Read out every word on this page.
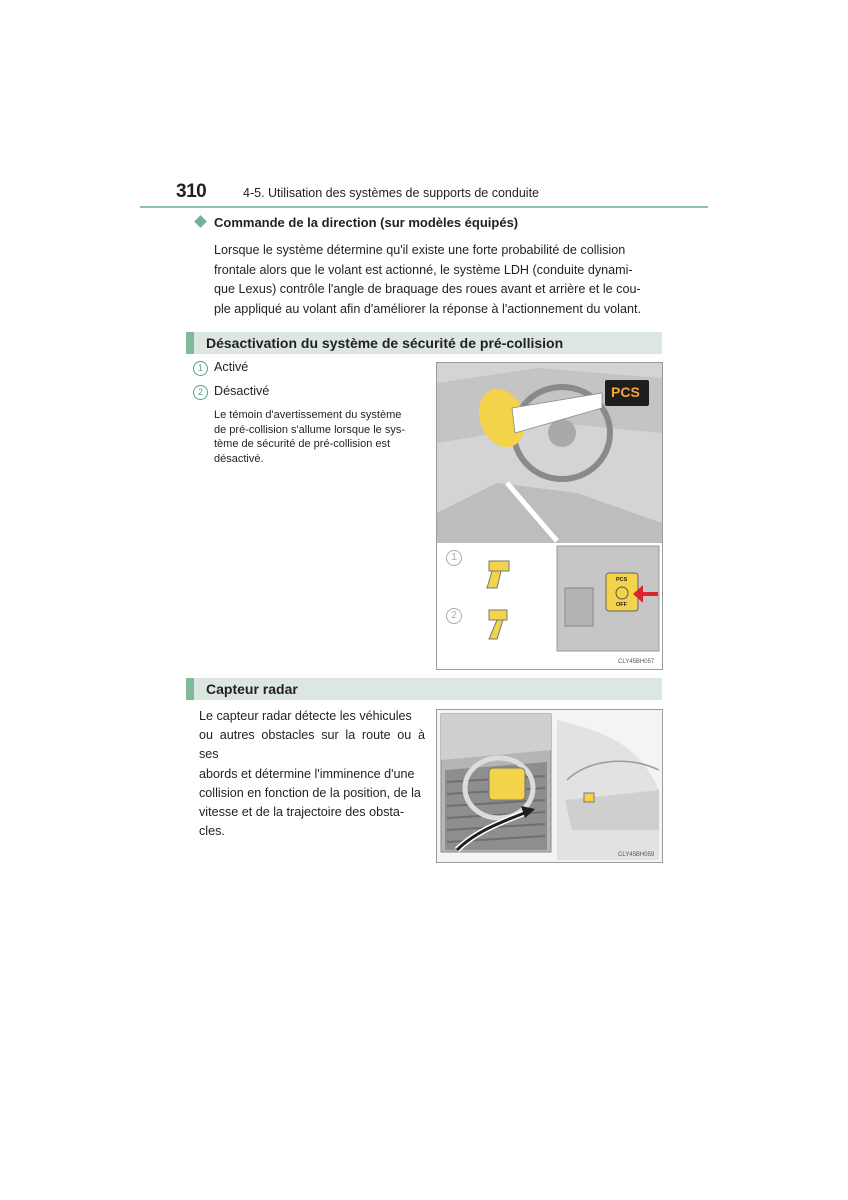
310	4-5. Utilisation des systèmes de supports de conduite
Commande de la direction (sur modèles équipés)
Lorsque le système détermine qu'il existe une forte probabilité de collision
frontale alors que le volant est actionné, le système LDH (conduite dynami-
que Lexus) contrôle l'angle de braquage des roues avant et arrière et le cou-
ple appliqué au volant afin d'améliorer la réponse à l'actionnement du volant.
Désactivation du système de sécurité de pré-collision
1 Activé
2 Désactivé
Le témoin d'avertissement du système
de pré-collision s'allume lorsque le sys-
tème de sécurité de pré-collision est
désactivé.
PCS
PCS
OFF
1
2
CLY45BH057
Capteur radar
Le capteur radar détecte les véhicules
ou autres obstacles sur la route ou à ses
abords et détermine l'imminence d'une
collision en fonction de la position, de la
vitesse et de la trajectoire des obsta-
cles.
CLY45BH059
